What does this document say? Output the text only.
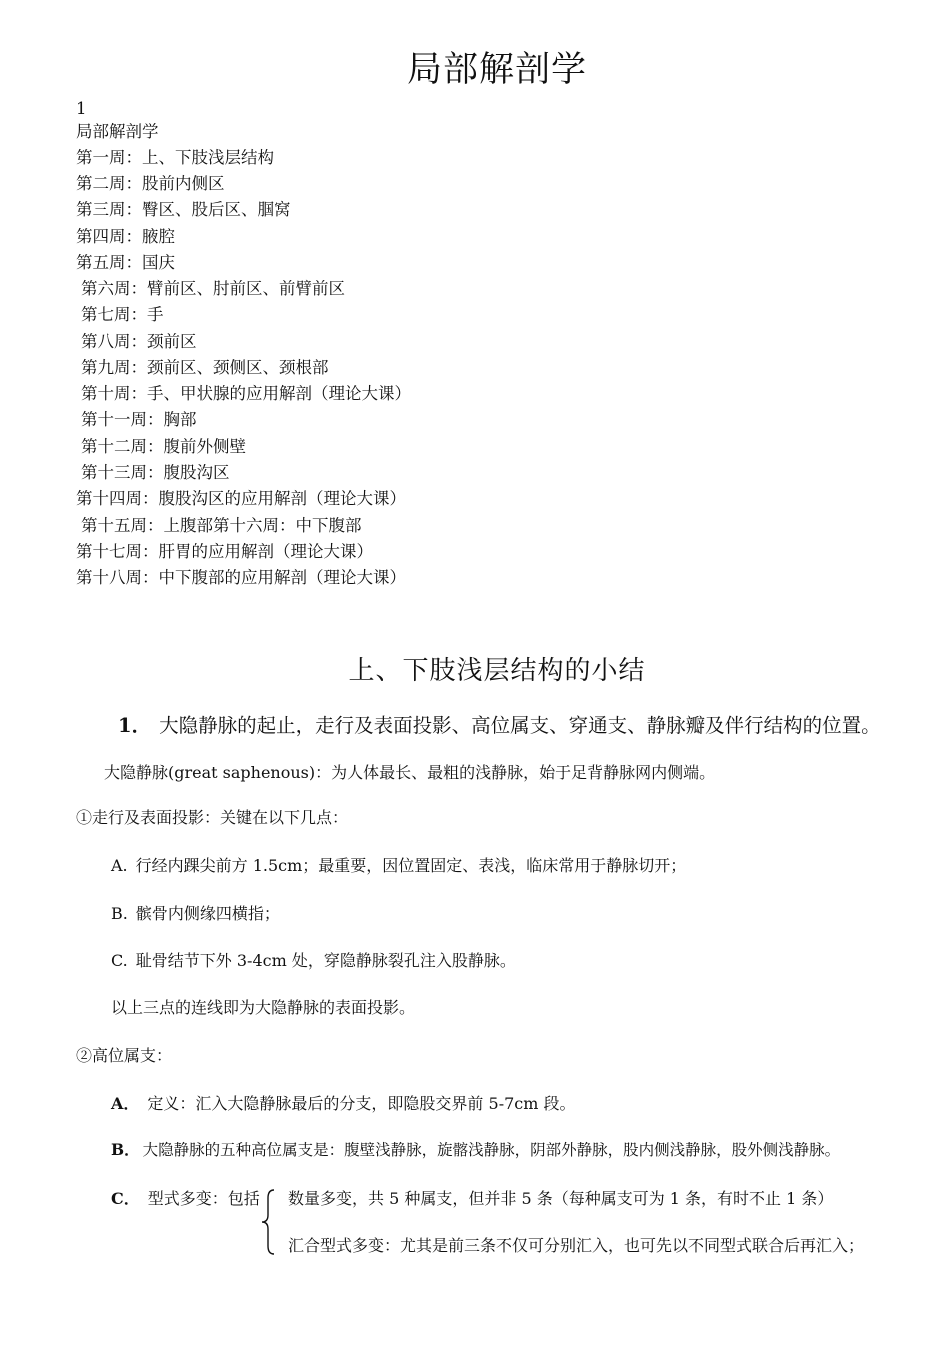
局部解剖学
1
局部解剖学
第一周：上、下肢浅层结构
第二周：股前内侧区
第三周：臀区、股后区、腘窝
第四周：腋腔
第五周：国庆
第六周：臂前区、肘前区、前臂前区
第七周：手
第八周：颈前区
第九周：颈前区、颈侧区、颈根部
第十周：手、甲状腺的应用解剖（理论大课）
第十一周：胸部
第十二周：腹前外侧壁
第十三周：腹股沟区
第十四周：腹股沟区的应用解剖（理论大课）
第十五周：上腹部第十六周：中下腹部
第十七周：肝胃的应用解剖（理论大课）
第十八周：中下腹部的应用解剖（理论大课）
上、下肢浅层结构的小结
1． 大隐静脉的起止，走行及表面投影、高位属支、穿通支、静脉瓣及伴行结构的位置。
大隐静脉(great saphenous)：为人体最长、最粗的浅静脉，始于足背静脉网内侧端。
①走行及表面投影：关键在以下几点：
A. 行经内踝尖前方 1.5cm；最重要，因位置固定、表浅，临床常用于静脉切开；
B. 髌骨内侧缘四横指；
C. 耻骨结节下外 3-4cm 处，穿隐静脉裂孔注入股静脉。
以上三点的连线即为大隐静脉的表面投影。
②高位属支：
A． 定义：汇入大隐静脉最后的分支，即隐股交界前 5-7cm 段。
B． 大隐静脉的五种高位属支是：腹壁浅静脉，旋髂浅静脉，阴部外静脉，股内侧浅静脉，股外侧浅静脉。
C． 型式多变：包括 数量多变，共 5 种属支，但并非 5 条（每种属支可为 1 条，有时不止 1 条）
汇合型式多变：尤其是前三条不仅可分别汇入，也可先以不同型式联合后再汇入；
